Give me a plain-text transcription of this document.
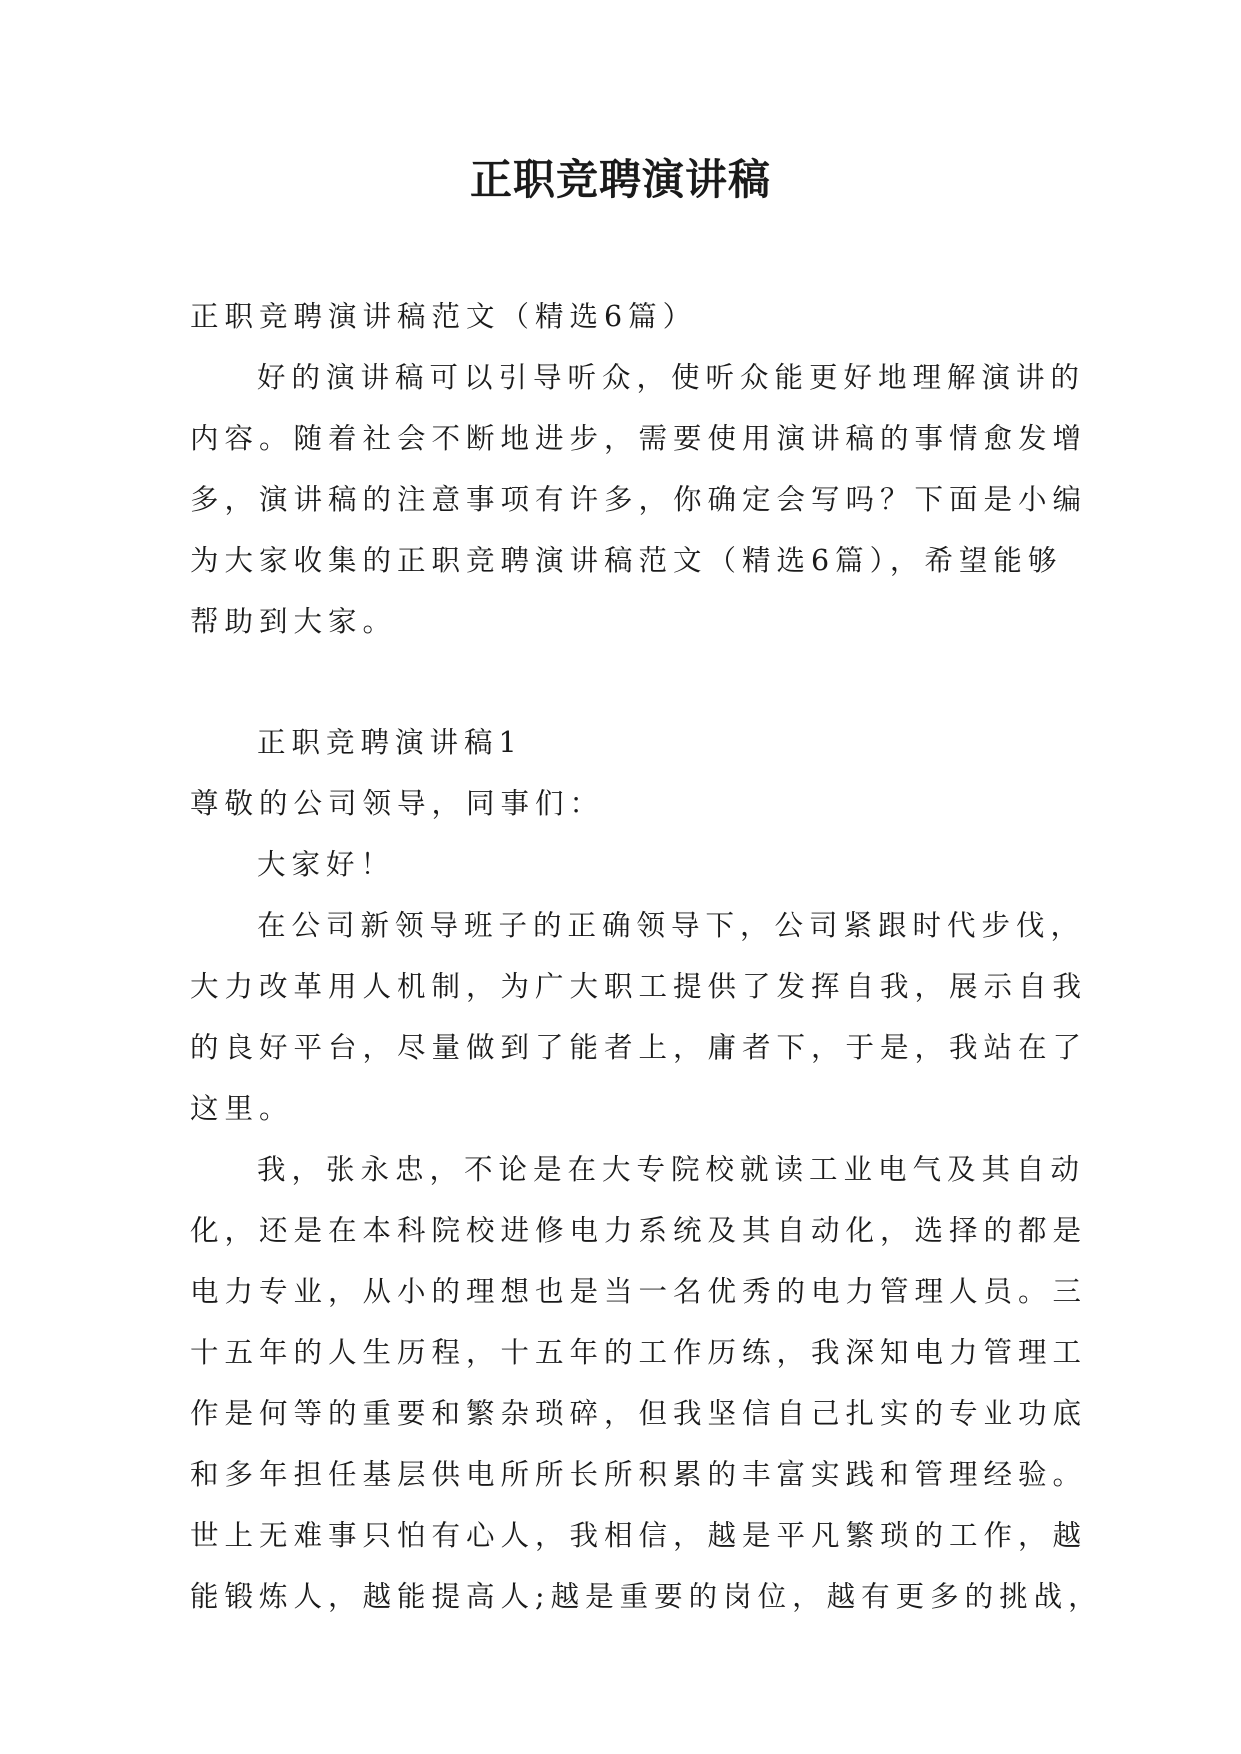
正职竞聘演讲稿
正职竞聘演讲稿范文（精选6篇）
好的演讲稿可以引导听众，使听众能更好地理解演讲的
内容。随着社会不断地进步，需要使用演讲稿的事情愈发增
多，演讲稿的注意事项有许多，你确定会写吗？下面是小编
为大家收集的正职竞聘演讲稿范文（精选6篇），希望能够
帮助到大家。
正职竞聘演讲稿1
尊敬的公司领导，同事们：
大家好！
在公司新领导班子的正确领导下，公司紧跟时代步伐，
大力改革用人机制，为广大职工提供了发挥自我，展示自我
的良好平台，尽量做到了能者上，庸者下，于是，我站在了
这里。
我，张永忠，不论是在大专院校就读工业电气及其自动
化，还是在本科院校进修电力系统及其自动化，选择的都是
电力专业，从小的理想也是当一名优秀的电力管理人员。三
十五年的人生历程，十五年的工作历练，我深知电力管理工
作是何等的重要和繁杂琐碎，但我坚信自己扎实的专业功底
和多年担任基层供电所所长所积累的丰富实践和管理经验。
世上无难事只怕有心人，我相信，越是平凡繁琐的工作，越
能锻炼人，越能提高人;越是重要的岗位，越有更多的挑战，
